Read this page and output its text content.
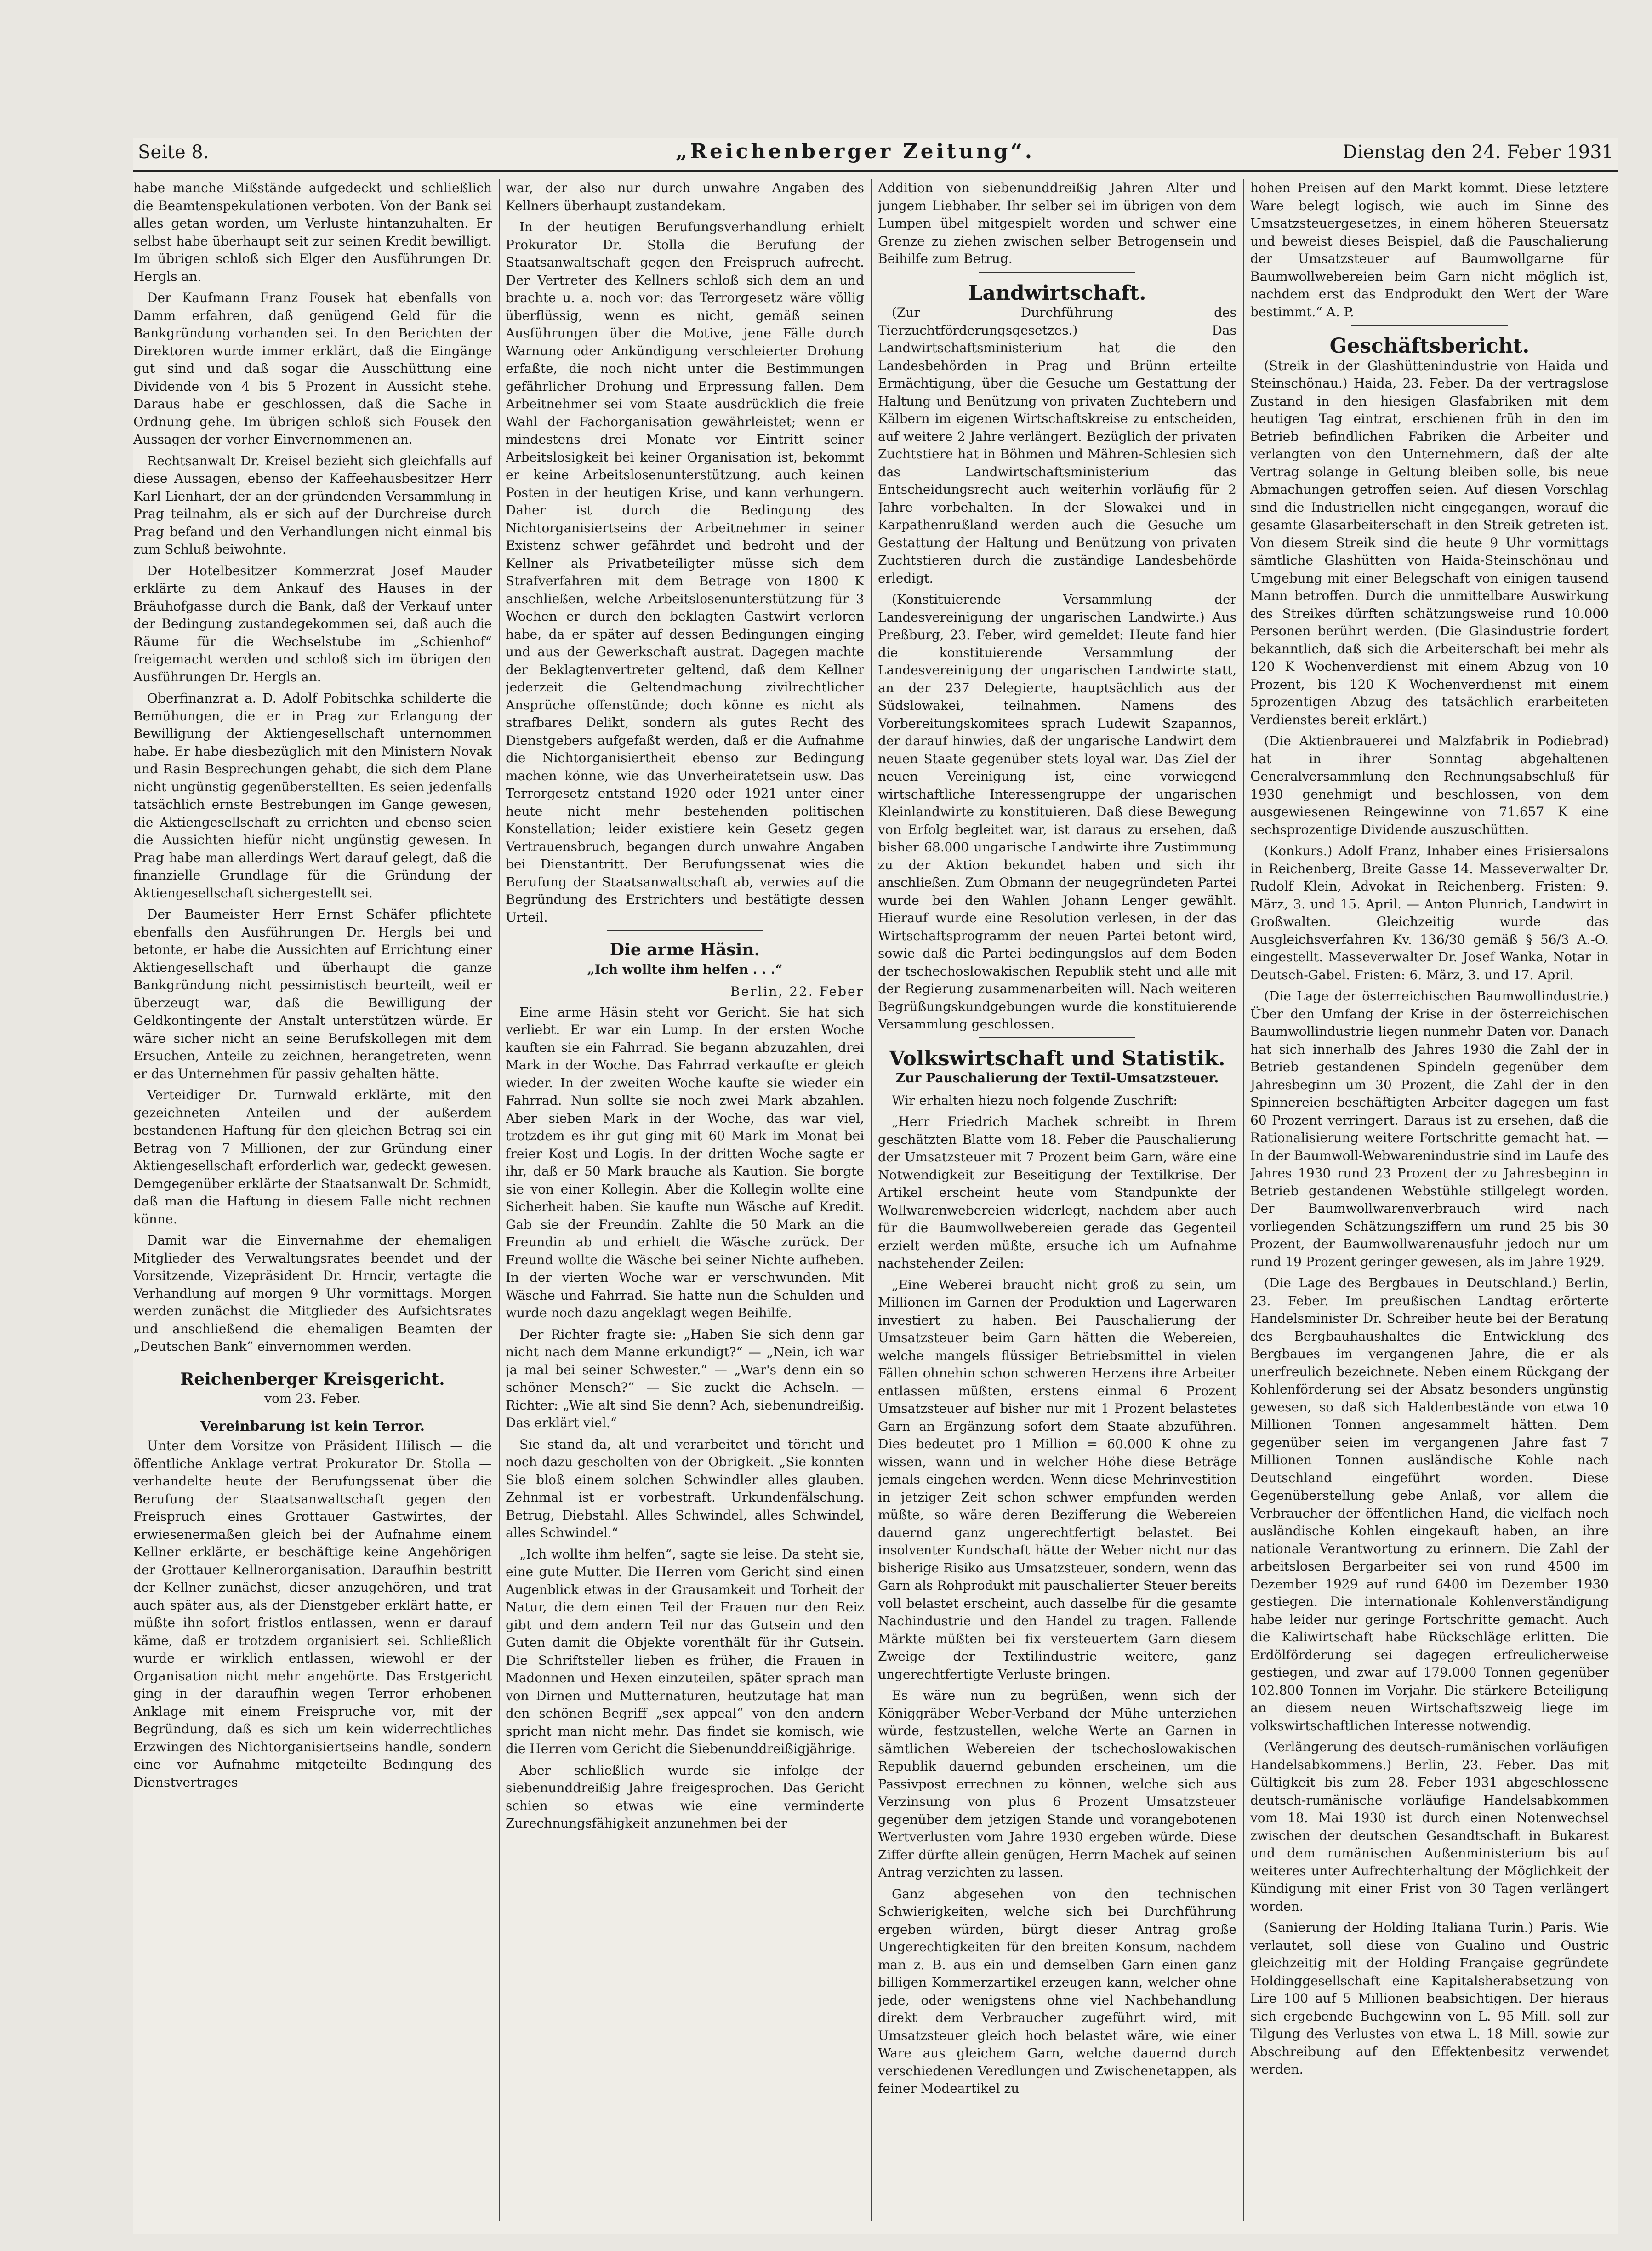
Seite 8.	„Reichenberger Zeitung“.	Dienstag den 24. Feber 1931

habe manche Mißstände aufgedeckt und schließlich die Beamtenspekulationen verboten. Von der Bank sei alles getan worden, um Verluste hintanzuhalten. Er selbst habe überhaupt seit zur seinen Kredit bewilligt. Im übrigen schloß sich Elger den Ausführungen Dr. Hergls an.

Der Kaufmann Franz Fousek hat ebenfalls von Damm erfahren, daß genügend Geld für die Bankgründung vorhanden sei. In den Berichten der Direktoren wurde immer erklärt, daß die Eingänge gut sind und daß sogar die Ausschüttung eine Dividende von 4 bis 5 Prozent in Aussicht stehe. Daraus habe er geschlossen, daß die Sache in Ordnung gehe. Im übrigen schloß sich Fousek den Aussagen der vorher Einvernommenen an.

Rechtsanwalt Dr. Kreisel bezieht sich gleichfalls auf diese Aussagen, ebenso der Kaffeehausbesitzer Herr Karl Lienhart, der an der gründenden Versammlung in Prag teilnahm, als er sich auf der Durchreise durch Prag befand und den Verhandlungen nicht einmal bis zum Schluß beiwohnte.

Der Hotelbesitzer Kommerzrat Josef Mauder erklärte zu dem Ankauf des Hauses in der Bräuhofgasse durch die Bank, daß der Verkauf unter der Bedingung zustandegekommen sei, daß auch die Räume für die Wechselstube im „Schienhof“ freigemacht werden und schloß sich im übrigen den Ausführungen Dr. Hergls an.

Oberfinanzrat a. D. Adolf Pobitschka schilderte die Bemühungen, die er in Prag zur Erlangung der Bewilligung der Aktiengesellschaft unternommen habe. Er habe diesbezüglich mit den Ministern Novak und Rasin Besprechungen gehabt, die sich dem Plane nicht ungünstig gegenüberstellten. Es seien jedenfalls tatsächlich ernste Bestrebungen im Gange gewesen, die Aktiengesellschaft zu errichten und ebenso seien die Aussichten hiefür nicht ungünstig gewesen. In Prag habe man allerdings Wert darauf gelegt, daß die finanzielle Grundlage für die Gründung der Aktiengesellschaft sichergestellt sei.

Der Baumeister Herr Ernst Schäfer pflichtete ebenfalls den Ausführungen Dr. Hergls bei und betonte, er habe die Aussichten auf Errichtung einer Aktiengesellschaft und überhaupt die ganze Bankgründung nicht pessimistisch beurteilt, weil er überzeugt war, daß die Bewilligung der Geldkontingente der Anstalt unterstützen würde. Er wäre sicher nicht an seine Berufskollegen mit dem Ersuchen, Anteile zu zeichnen, herangetreten, wenn er das Unternehmen für passiv gehalten hätte.

Verteidiger Dr. Turnwald erklärte, mit den gezeichneten Anteilen und der außerdem bestandenen Haftung für den gleichen Betrag sei ein Betrag von 7 Millionen, der zur Gründung einer Aktiengesellschaft erforderlich war, gedeckt gewesen. Demgegenüber erklärte der Staatsanwalt Dr. Schmidt, daß man die Haftung in diesem Falle nicht rechnen könne.

Damit war die Einvernahme der ehemaligen Mitglieder des Verwaltungsrates beendet und der Vorsitzende, Vizepräsident Dr. Hrncir, vertagte die Verhandlung auf morgen 9 Uhr vormittags. Morgen werden zunächst die Mitglieder des Aufsichtsrates und anschließend die ehemaligen Beamten der „Deutschen Bank“ einvernommen werden.

Reichenberger Kreisgericht.
vom 23. Feber.
Vereinbarung ist kein Terror.

Unter dem Vorsitze von Präsident Hilisch — die öffentliche Anklage vertrat Prokurator Dr. Stolla — verhandelte heute der Berufungssenat über die Berufung der Staatsanwaltschaft gegen den Freispruch eines Grottauer Gastwirtes, der erwiesenermaßen gleich bei der Aufnahme einem Kellner erklärte, er beschäftige keine Angehörigen der Grottauer Kellnerorganisation. Daraufhin bestritt der Kellner zunächst, dieser anzugehören, und trat auch später aus, als der Dienstgeber erklärt hatte, er müßte ihn sofort fristlos entlassen, wenn er darauf käme, daß er trotzdem organisiert sei. Schließlich wurde er wirklich entlassen, wiewohl er der Organisation nicht mehr angehörte. Das Erstgericht ging in der daraufhin wegen Terror erhobenen Anklage mit einem Freispruche vor, mit der Begründung, daß es sich um kein widerrechtliches Erzwingen des Nichtorganisiertseins handle, sondern eine vor Aufnahme mitgeteilte Bedingung des Dienstvertrages

war, der also nur durch unwahre Angaben des Kellners überhaupt zustandekam.

In der heutigen Berufungsverhandlung erhielt Prokurator Dr. Stolla die Berufung der Staatsanwaltschaft gegen den Freispruch aufrecht. Der Vertreter des Kellners schloß sich dem an und brachte u. a. noch vor: das Terrorgesetz wäre völlig überflüssig, wenn es nicht, gemäß seinen Ausführungen über die Motive, jene Fälle durch Warnung oder Ankündigung verschleierter Drohung erfaßte, die noch nicht unter die Bestimmungen gefährlicher Drohung und Erpressung fallen. Dem Arbeitnehmer sei vom Staate ausdrücklich die freie Wahl der Fachorganisation gewährleistet; wenn er mindestens drei Monate vor Eintritt seiner Arbeitslosigkeit bei keiner Organisation ist, bekommt er keine Arbeitslosenunterstützung, auch keinen Posten in der heutigen Krise, und kann verhungern. Daher ist durch die Bedingung des Nichtorganisiertseins der Arbeitnehmer in seiner Existenz schwer gefährdet und bedroht und der Kellner als Privatbeteiligter müsse sich dem Strafverfahren mit dem Betrage von 1800 K anschließen, welche Arbeitslosenunterstützung für 3 Wochen er durch den beklagten Gastwirt verloren habe, da er später auf dessen Bedingungen einging und aus der Gewerkschaft austrat. Dagegen machte der Beklagtenvertreter geltend, daß dem Kellner jederzeit die Geltendmachung zivilrechtlicher Ansprüche offenstünde; doch könne es nicht als strafbares Delikt, sondern als gutes Recht des Dienstgebers aufgefaßt werden, daß er die Aufnahme die Nichtorganisiertheit ebenso zur Bedingung machen könne, wie das Unverheiratetsein usw. Das Terrorgesetz entstand 1920 oder 1921 unter einer heute nicht mehr bestehenden politischen Konstellation; leider existiere kein Gesetz gegen Vertrauensbruch, begangen durch unwahre Angaben bei Dienstantritt. Der Berufungssenat wies die Berufung der Staatsanwaltschaft ab, verwies auf die Begründung des Erstrichters und bestätigte dessen Urteil.

Die arme Häsin.
„Ich wollte ihm helfen . . .“
Berlin, 22. Feber

Eine arme Häsin steht vor Gericht. Sie hat sich verliebt. Er war ein Lump. In der ersten Woche kauften sie ein Fahrrad. Sie begann abzuzahlen, drei Mark in der Woche. Das Fahrrad verkaufte er gleich wieder. In der zweiten Woche kaufte sie wieder ein Fahrrad. Nun sollte sie noch zwei Mark abzahlen. Aber sieben Mark in der Woche, das war viel, trotzdem es ihr gut ging mit 60 Mark im Monat bei freier Kost und Logis. In der dritten Woche sagte er ihr, daß er 50 Mark brauche als Kaution. Sie borgte sie von einer Kollegin. Aber die Kollegin wollte eine Sicherheit haben. Sie kaufte nun Wäsche auf Kredit. Gab sie der Freundin. Zahlte die 50 Mark an die Freundin ab und erhielt die Wäsche zurück. Der Freund wollte die Wäsche bei seiner Nichte aufheben. In der vierten Woche war er verschwunden. Mit Wäsche und Fahrrad. Sie hatte nun die Schulden und wurde noch dazu angeklagt wegen Beihilfe.

Der Richter fragte sie: „Haben Sie sich denn gar nicht nach dem Manne erkundigt?“ — „Nein, ich war ja mal bei seiner Schwester.“ — „War's denn ein so schöner Mensch?“ — Sie zuckt die Achseln. — Richter: „Wie alt sind Sie denn? Ach, siebenundreißig. Das erklärt viel.“

Sie stand da, alt und verarbeitet und töricht und noch dazu gescholten von der Obrigkeit. „Sie konnten Sie bloß einem solchen Schwindler alles glauben. Zehnmal ist er vorbestraft. Urkundenfälschung. Betrug, Diebstahl. Alles Schwindel, alles Schwindel, alles Schwindel.“

„Ich wollte ihm helfen“, sagte sie leise. Da steht sie, eine gute Mutter. Die Herren vom Gericht sind einen Augenblick etwas in der Grausamkeit und Torheit der Natur, die dem einen Teil der Frauen nur den Reiz gibt und dem andern Teil nur das Gutsein und den Guten damit die Objekte vorenthält für ihr Gutsein. Die Schriftsteller lieben es früher, die Frauen in Madonnen und Hexen einzuteilen, später sprach man von Dirnen und Mutternaturen, heutzutage hat man den schönen Begriff „sex appeal“ von den andern spricht man nicht mehr. Das findet sie komisch, wie die Herren vom Gericht die Siebenunddreißigjährige.

Aber schließlich wurde sie infolge der siebenunddreißig Jahre freigesprochen. Das Gericht schien so etwas wie eine verminderte Zurechnungsfähigkeit anzunehmen bei der

Addition von siebenunddreißig Jahren Alter und jungem Liebhaber. Ihr selber sei im übrigen von dem Lumpen übel mitgespielt worden und schwer eine Grenze zu ziehen zwischen selber Betrogensein und Beihilfe zum Betrug.

Landwirtschaft.

(Zur Durchführung des Tierzuchtförderungsgesetzes.) Das Landwirtschaftsministerium hat die den Landesbehörden in Prag und Brünn erteilte Ermächtigung, über die Gesuche um Gestattung der Haltung und Benützung von privaten Zuchtebern und Kälbern im eigenen Wirtschaftskreise zu entscheiden, auf weitere 2 Jahre verlängert. Bezüglich der privaten Zuchtstiere hat in Böhmen und Mähren-Schlesien sich das Landwirtschaftsministerium das Entscheidungsrecht auch weiterhin vorläufig für 2 Jahre vorbehalten. In der Slowakei und in Karpathenrußland werden auch die Gesuche um Gestattung der Haltung und Benützung von privaten Zuchtstieren durch die zuständige Landesbehörde erledigt.

(Konstituierende Versammlung der Landesvereinigung der ungarischen Landwirte.) Aus Preßburg, 23. Feber, wird gemeldet: Heute fand hier die konstituierende Versammlung der Landesvereinigung der ungarischen Landwirte statt, an der 237 Delegierte, hauptsächlich aus der Südslowakei, teilnahmen. Namens des Vorbereitungskomitees sprach Ludewit Szapannos, der darauf hinwies, daß der ungarische Landwirt dem neuen Staate gegenüber stets loyal war. Das Ziel der neuen Vereinigung ist, eine vorwiegend wirtschaftliche Interessengruppe der ungarischen Kleinlandwirte zu konstituieren. Daß diese Bewegung von Erfolg begleitet war, ist daraus zu ersehen, daß bisher 68.000 ungarische Landwirte ihre Zustimmung zu der Aktion bekundet haben und sich ihr anschließen. Zum Obmann der neugegründeten Partei wurde bei den Wahlen Johann Lenger gewählt. Hierauf wurde eine Resolution verlesen, in der das Wirtschaftsprogramm der neuen Partei betont wird, sowie daß die Partei bedingungslos auf dem Boden der tschechoslowakischen Republik steht und alle mit der Regierung zusammenarbeiten will. Nach weiteren Begrüßungskundgebungen wurde die konstituierende Versammlung geschlossen.

Volkswirtschaft und Statistik.
Zur Pauschalierung der Textil-Umsatzsteuer.

Wir erhalten hiezu noch folgende Zuschrift:

„Herr Friedrich Machek schreibt in Ihrem geschätzten Blatte vom 18. Feber die Pauschalierung der Umsatzsteuer mit 7 Prozent beim Garn, wäre eine Notwendigkeit zur Beseitigung der Textilkrise. Der Artikel erscheint heute vom Standpunkte der Wollwarenwebereien widerlegt, nachdem aber auch für die Baumwollwebereien gerade das Gegenteil erzielt werden müßte, ersuche ich um Aufnahme nachstehender Zeilen:

„Eine Weberei braucht nicht groß zu sein, um Millionen im Garnen der Produktion und Lagerwaren investiert zu haben. Bei Pauschalierung der Umsatzsteuer beim Garn hätten die Webereien, welche mangels flüssiger Betriebsmittel in vielen Fällen ohnehin schon schweren Herzens ihre Arbeiter entlassen müßten, erstens einmal 6 Prozent Umsatzsteuer auf bisher nur mit 1 Prozent belastetes Garn an Ergänzung sofort dem Staate abzuführen. Dies bedeutet pro 1 Million = 60.000 K ohne zu wissen, wann und in welcher Höhe diese Beträge jemals eingehen werden. Wenn diese Mehrinvestition in jetziger Zeit schon schwer empfunden werden müßte, so wäre deren Bezifferung die Webereien dauernd ganz ungerechtfertigt belastet. Bei insolventer Kundschaft hätte der Weber nicht nur das bisherige Risiko aus Umsatzsteuer, sondern, wenn das Garn als Rohprodukt mit pauschalierter Steuer bereits voll belastet erscheint, auch dasselbe für die gesamte Nachindustrie und den Handel zu tragen. Fallende Märkte müßten bei fix versteuertem Garn diesem Zweige der Textilindustrie weitere, ganz ungerechtfertigte Verluste bringen.

Es wäre nun zu begrüßen, wenn sich der Königgräber Weber-Verband der Mühe unterziehen würde, festzustellen, welche Werte an Garnen in sämtlichen Webereien der tschechoslowakischen Republik dauernd gebunden erscheinen, um die Passivpost errechnen zu können, welche sich aus Verzinsung von plus 6 Prozent Umsatzsteuer gegenüber dem jetzigen Stande und vorangebotenen Wertverlusten vom Jahre 1930 ergeben würde. Diese Ziffer dürfte allein genügen, Herrn Machek auf seinen Antrag verzichten zu lassen.

Ganz abgesehen von den technischen Schwierigkeiten, welche sich bei Durchführung ergeben würden, bürgt dieser Antrag große Ungerechtigkeiten für den breiten Konsum, nachdem man z. B. aus ein und demselben Garn einen ganz billigen Kommerzartikel erzeugen kann, welcher ohne jede, oder wenigstens ohne viel Nachbehandlung direkt dem Verbraucher zugeführt wird, mit Umsatzsteuer gleich hoch belastet wäre, wie einer Ware aus gleichem Garn, welche dauernd durch verschiedenen Veredlungen und Zwischenetappen, als feiner Modeartikel zu

hohen Preisen auf den Markt kommt. Diese letztere Ware belegt logisch, wie auch im Sinne des Umsatzsteuergesetzes, in einem höheren Steuersatz und beweist dieses Beispiel, daß die Pauschalierung der Umsatzsteuer auf Baumwollgarne für Baumwollwebereien beim Garn nicht möglich ist, nachdem erst das Endprodukt den Wert der Ware bestimmt.“ A. P.

Geschäftsbericht.

(Streik in der Glashüttenindustrie von Haida und Steinschönau.) Haida, 23. Feber. Da der vertragslose Zustand in den hiesigen Glasfabriken mit dem heutigen Tag eintrat, erschienen früh in den im Betrieb befindlichen Fabriken die Arbeiter und verlangten von den Unternehmern, daß der alte Vertrag solange in Geltung bleiben solle, bis neue Abmachungen getroffen seien. Auf diesen Vorschlag sind die Industriellen nicht eingegangen, worauf die gesamte Glasarbeiterschaft in den Streik getreten ist. Von diesem Streik sind die heute 9 Uhr vormittags sämtliche Glashütten von Haida-Steinschönau und Umgebung mit einer Belegschaft von einigen tausend Mann betroffen. Durch die unmittelbare Auswirkung des Streikes dürften schätzungsweise rund 10.000 Personen berührt werden. (Die Glasindustrie fordert bekanntlich, daß sich die Arbeiterschaft bei mehr als 120 K Wochenverdienst mit einem Abzug von 10 Prozent, bis 120 K Wochenverdienst mit einem 5prozentigen Abzug des tatsächlich erarbeiteten Verdienstes bereit erklärt.)

(Die Aktienbrauerei und Malzfabrik in Podiebrad) hat in ihrer Sonntag abgehaltenen Generalversammlung den Rechnungsabschluß für 1930 genehmigt und beschlossen, von dem ausgewiesenen Reingewinne von 71.657 K eine sechsprozentige Dividende auszuschütten.

(Konkurs.) Adolf Franz, Inhaber eines Frisiersalons in Reichenberg, Breite Gasse 14. Masseverwalter Dr. Rudolf Klein, Advokat in Reichenberg. Fristen: 9. März, 3. und 15. April. — Anton Plunrich, Landwirt in Großwalten. Gleichzeitig wurde das Ausgleichsverfahren Kv. 136/30 gemäß § 56/3 A.-O. eingestellt. Masseverwalter Dr. Josef Wanka, Notar in Deutsch-Gabel. Fristen: 6. März, 3. und 17. April.

(Die Lage der österreichischen Baumwollindustrie.) Über den Umfang der Krise in der österreichischen Baumwollindustrie liegen nunmehr Daten vor. Danach hat sich innerhalb des Jahres 1930 die Zahl der in Betrieb gestandenen Spindeln gegenüber dem Jahresbeginn um 30 Prozent, die Zahl der in den Spinnereien beschäftigten Arbeiter dagegen um fast 60 Prozent verringert. Daraus ist zu ersehen, daß die Rationalisierung weitere Fortschritte gemacht hat. — In der Baumwoll-Webwarenindustrie sind im Laufe des Jahres 1930 rund 23 Prozent der zu Jahresbeginn in Betrieb gestandenen Webstühle stillgelegt worden. Der Baumwollwarenverbrauch wird nach vorliegenden Schätzungsziffern um rund 25 bis 30 Prozent, der Baumwollwarenausfuhr jedoch nur um rund 19 Prozent geringer gewesen, als im Jahre 1929.

(Die Lage des Bergbaues in Deutschland.) Berlin, 23. Feber. Im preußischen Landtag erörterte Handelsminister Dr. Schreiber heute bei der Beratung des Bergbauhaushaltes die Entwicklung des Bergbaues im vergangenen Jahre, die er als unerfreulich bezeichnete. Neben einem Rückgang der Kohlenförderung sei der Absatz besonders ungünstig gewesen, so daß sich Haldenbestände von etwa 10 Millionen Tonnen angesammelt hätten. Dem gegenüber seien im vergangenen Jahre fast 7 Millionen Tonnen ausländische Kohle nach Deutschland eingeführt worden. Diese Gegenüberstellung gebe Anlaß, vor allem die Verbraucher der öffentlichen Hand, die vielfach noch ausländische Kohlen eingekauft haben, an ihre nationale Verantwortung zu erinnern. Die Zahl der arbeitslosen Bergarbeiter sei von rund 4500 im Dezember 1929 auf rund 6400 im Dezember 1930 gestiegen. Die internationale Kohlenverständigung habe leider nur geringe Fortschritte gemacht. Auch die Kaliwirtschaft habe Rückschläge erlitten. Die Erdölförderung sei dagegen erfreulicherweise gestiegen, und zwar auf 179.000 Tonnen gegenüber 102.800 Tonnen im Vorjahr. Die stärkere Beteiligung an diesem neuen Wirtschaftszweig liege im volkswirtschaftlichen Interesse notwendig.

(Verlängerung des deutsch-rumänischen vorläufigen Handelsabkommens.) Berlin, 23. Feber. Das mit Gültigkeit bis zum 28. Feber 1931 abgeschlossene deutsch-rumänische vorläufige Handelsabkommen vom 18. Mai 1930 ist durch einen Notenwechsel zwischen der deutschen Gesandtschaft in Bukarest und dem rumänischen Außenministerium bis auf weiteres unter Aufrechterhaltung der Möglichkeit der Kündigung mit einer Frist von 30 Tagen verlängert worden.

(Sanierung der Holding Italiana Turin.) Paris. Wie verlautet, soll diese von Gualino und Oustric gleichzeitig mit der Holding Française gegründete Holdinggesellschaft eine Kapitalsherabsetzung von Lire 100 auf 5 Millionen beabsichtigen. Der hieraus sich ergebende Buchgewinn von L. 95 Mill. soll zur Tilgung des Verlustes von etwa L. 18 Mill. sowie zur Abschreibung auf den Effektenbesitz verwendet werden.
